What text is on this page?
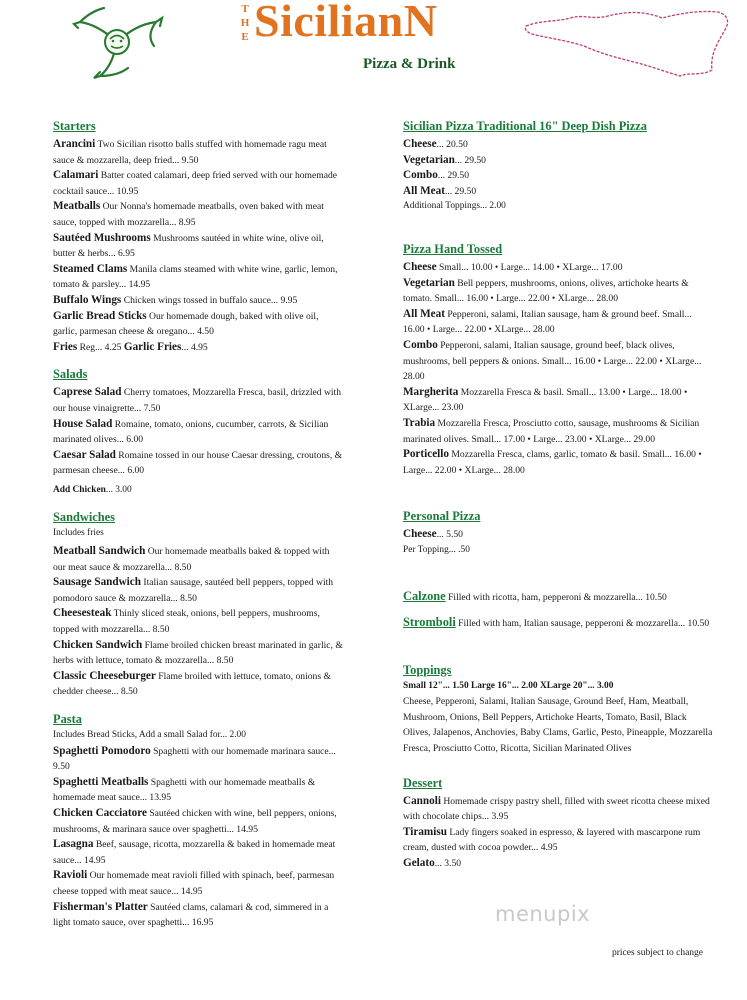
THE SicilianN
Pizza & Drink

Starters

Arancini Two Sicilian risotto balls stuffed with homemade ragu meat sauce & mozzarella, deep fried... 9.50
Calamari Batter coated calamari, deep fried served with our homemade cocktail sauce... 10.95
Meatballs Our Nonna's homemade meatballs, oven baked with meat sauce, topped with mozzarella... 8.95
Sautéed Mushrooms Mushrooms sautéed in white wine, olive oil, butter & herbs... 6.95
Steamed Clams Manila clams steamed with white wine, garlic, lemon, tomato & parsley... 14.95
Buffalo Wings Chicken wings tossed in buffalo sauce... 9.95
Garlic Bread Sticks Our homemade dough, baked with olive oil, garlic, parmesan cheese & oregano... 4.50
Fries Reg... 4.25 Garlic Fries... 4.95

Salads

Caprese Salad Cherry tomatoes, Mozzarella Fresca, basil, drizzled with our house vinaigrette... 7.50
House Salad Romaine, tomato, onions, cucumber, carrots, & Sicilian marinated olives... 6.00
Caesar Salad Romaine tossed in our house Caesar dressing, croutons, & parmesan cheese... 6.00
Add Chicken... 3.00

Sandwiches

Includes fries
Meatball Sandwich Our homemade meatballs baked & topped with our meat sauce & mozzarella... 8.50
Sausage Sandwich Italian sausage, sautéed bell peppers, topped with pomodoro sauce & mozzarella... 8.50
Cheesesteak Thinly sliced steak, onions, bell peppers, mushrooms, topped with mozzarella... 8.50
Chicken Sandwich Flame broiled chicken breast marinated in garlic, & herbs with lettuce, tomato & mozzarella... 8.50
Classic Cheeseburger Flame broiled with lettuce, tomato, onions & chedder cheese... 8.50

Pasta

Includes Bread Sticks, Add a small Salad for... 2.00
Spaghetti Pomodoro Spaghetti with our homemade marinara sauce... 9.50
Spaghetti Meatballs Spaghetti with our homemade meatballs & homemade meat sauce... 13.95
Chicken Cacciatore Sautéed chicken with wine, bell peppers, onions, mushrooms, & marinara sauce over spaghetti... 14.95
Lasagna Beef, sausage, ricotta, mozzarella & baked in homemade meat sauce... 14.95
Ravioli Our homemade meat ravioli filled with spinach, beef, parmesan cheese topped with meat sauce... 14.95
Fisherman's Platter Sautéed clams, calamari & cod, simmered in a light tomato sauce, over spaghetti... 16.95

Sicilian Pizza Traditional 16" Deep Dish Pizza

Cheese... 20.50
Vegetarian... 29.50
Combo... 29.50
All Meat... 29.50
Additional Toppings... 2.00

Pizza Hand Tossed

Cheese Small... 10.00 • Large... 14.00 • XLarge... 17.00
Vegetarian Bell peppers, mushrooms, onions, olives, artichoke hearts & tomato. Small... 16.00 • Large... 22.00 • XLarge... 28.00
All Meat Pepperoni, salami, Italian sausage, ham & ground beef. Small... 16.00 • Large... 22.00 • XLarge... 28.00
Combo Pepperoni, salami, Italian sausage, ground beef, black olives, mushrooms, bell peppers & onions. Small... 16.00 • Large... 22.00 • XLarge... 28.00
Margherita Mozzarella Fresca & basil. Small... 13.00 • Large... 18.00 • XLarge... 23.00
Trabia Mozzarella Fresca, Prosciutto cotto, sausage, mushrooms & Sicilian marinated olives. Small... 17.00 • Large... 23.00 • XLarge... 29.00
Porticello Mozzarella Fresca, clams, garlic, tomato & basil. Small... 16.00 • Large... 22.00 • XLarge... 28.00

Personal Pizza

Cheese... 5.50
Per Topping... .50
Calzone Filled with ricotta, ham, pepperoni & mozzarella... 10.50
Stromboli Filled with ham, Italian sausage, pepperoni & mozzarella... 10.50

Toppings

Small 12"... 1.50 Large 16"... 2.00 XLarge 20"... 3.00
Cheese, Pepperoni, Salami, Italian Sausage, Ground Beef, Ham, Meatball, Mushroom, Onions, Bell Peppers, Artichoke Hearts, Tomato, Basil, Black Olives, Jalapenos, Anchovies, Baby Clams, Garlic, Pesto, Pineapple, Mozzarella Fresca, Prosciutto Cotto, Ricotta, Sicilian Marinated Olives

Dessert

Cannoli Homemade crispy pastry shell, filled with sweet ricotta cheese mixed with chocolate chips... 3.95
Tiramisu Lady fingers soaked in espresso, & layered with mascarpone rum cream, dusted with cocoa powder... 4.95
Gelato... 3.50
menupix
prices subject to change
